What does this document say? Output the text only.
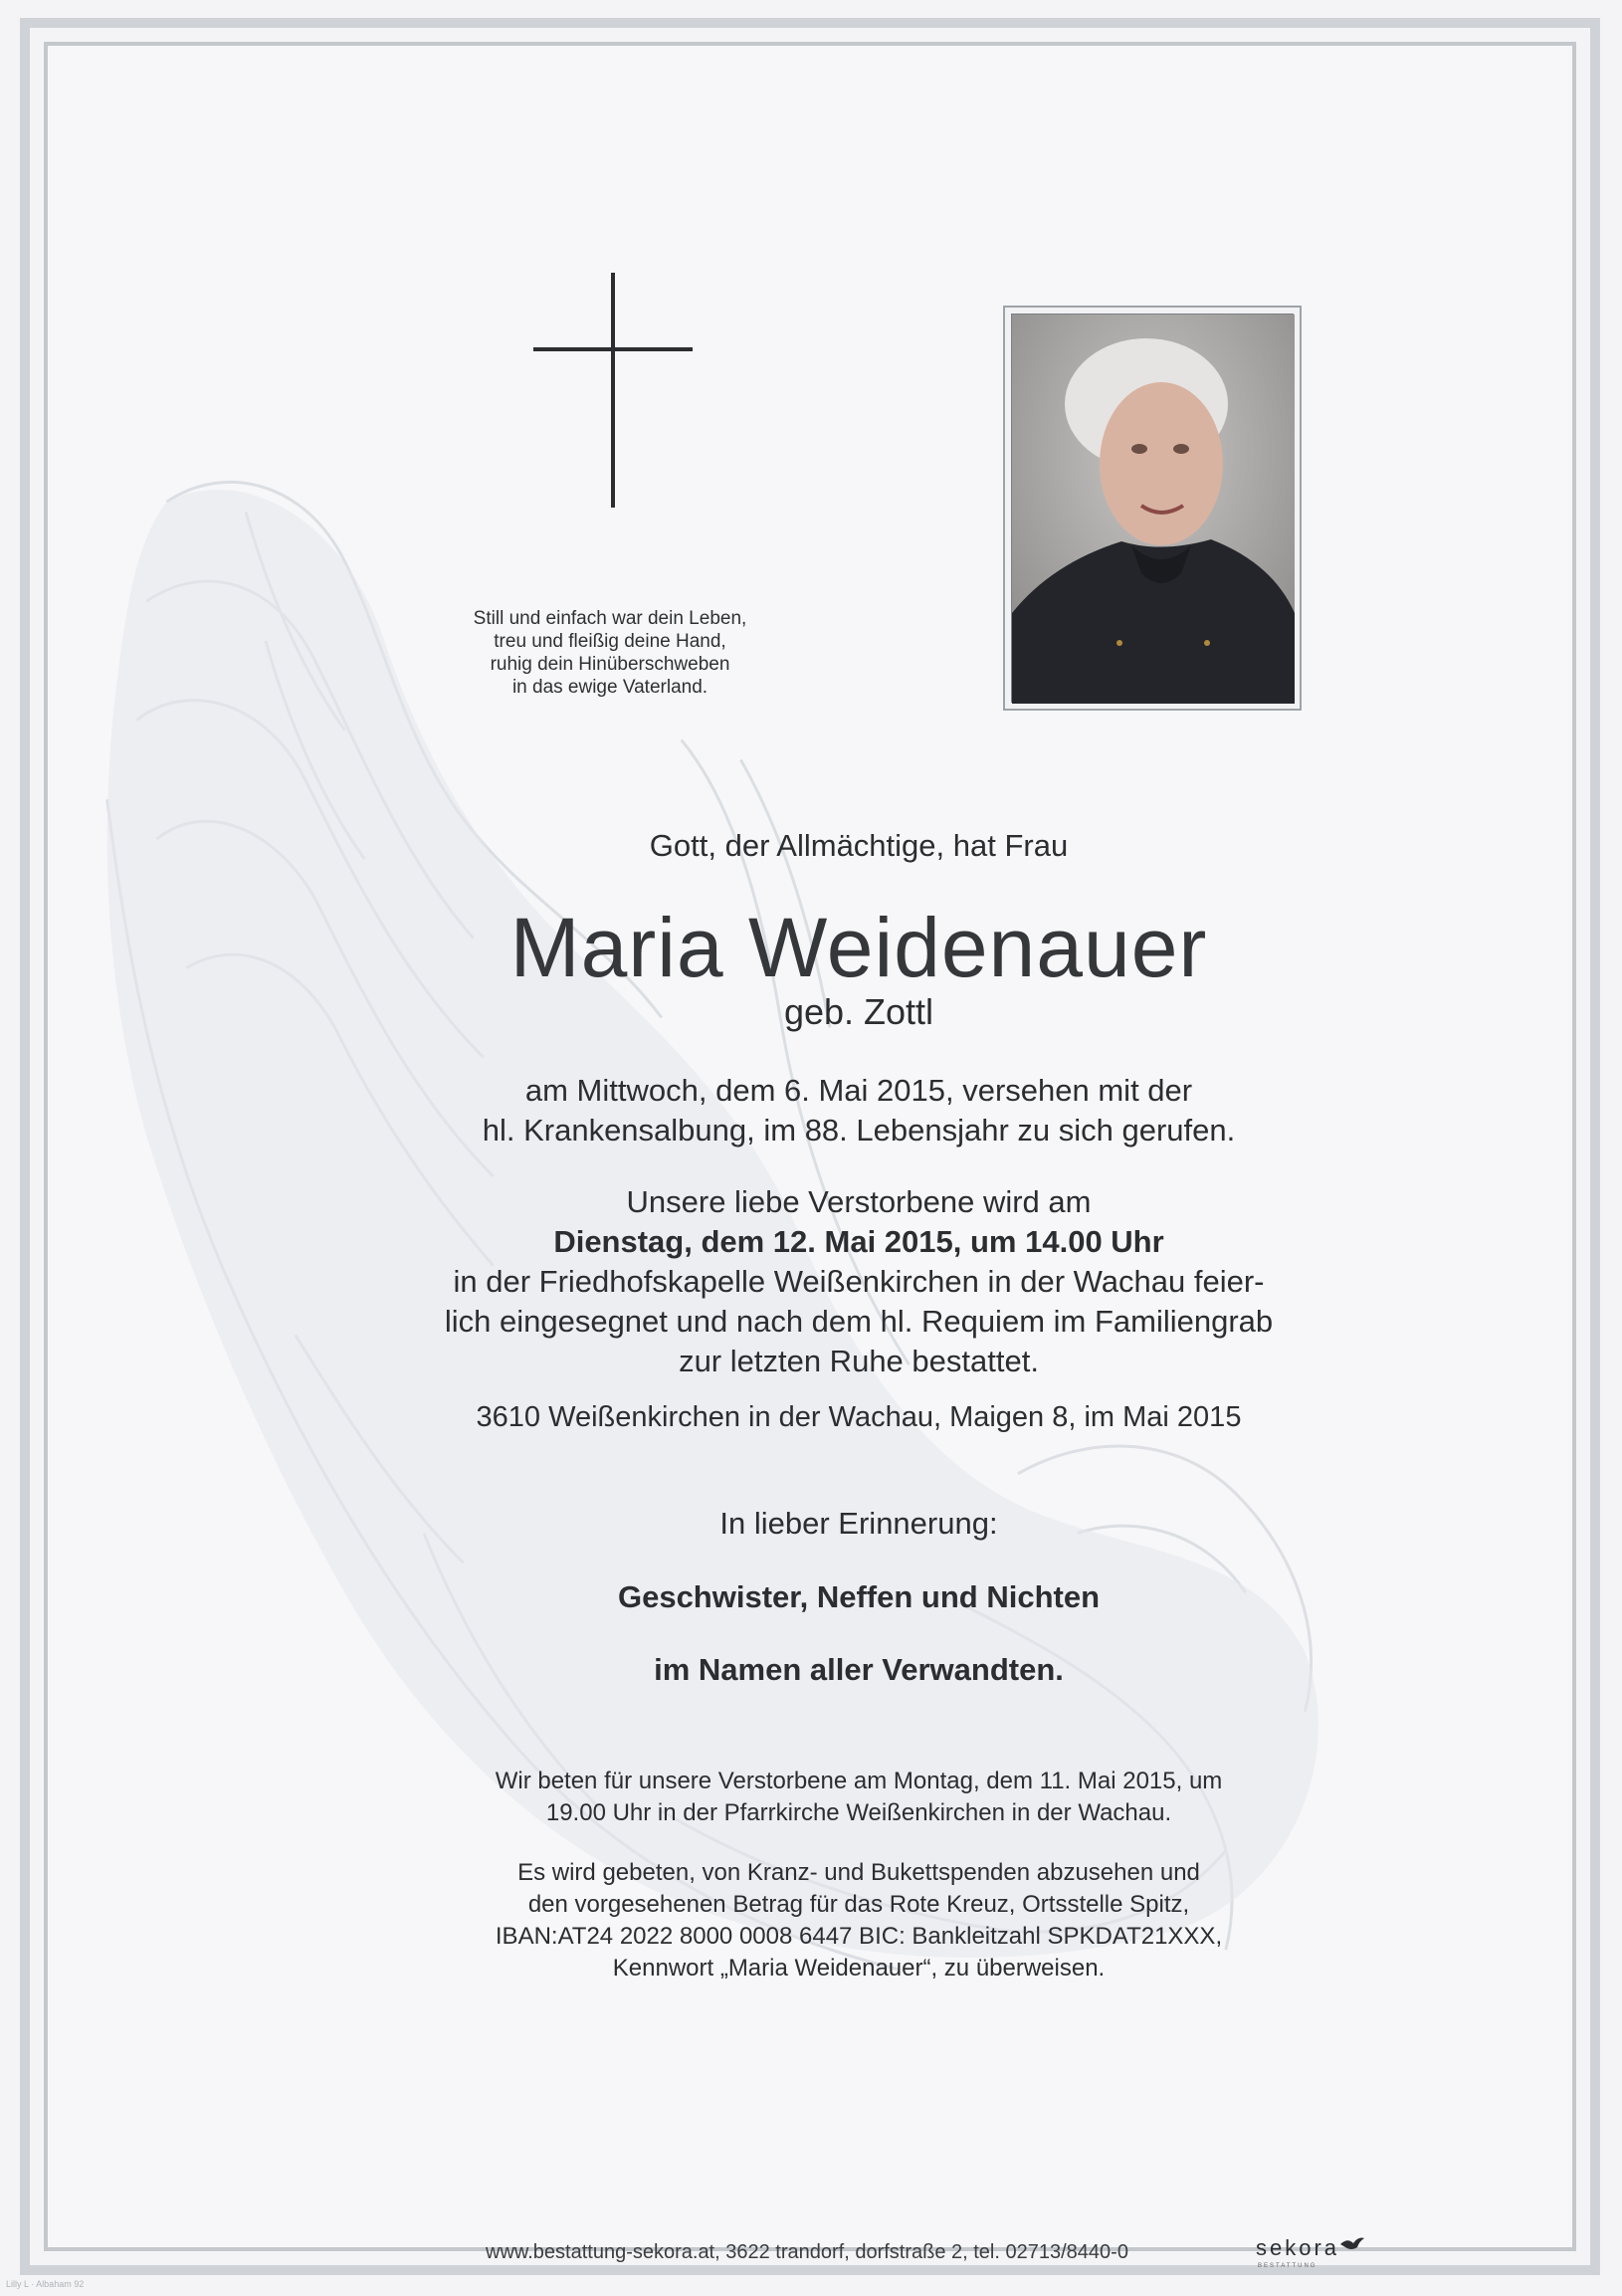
Still und einfach war dein Leben,
treu und fleißig deine Hand,
ruhig dein Hinüberschweben
in das ewige Vaterland.
Gott, der Allmächtige, hat Frau
Maria Weidenauer
geb. Zottl
am Mittwoch, dem 6. Mai 2015, versehen mit der
hl. Krankensalbung, im 88. Lebensjahr zu sich gerufen.
Unsere liebe Verstorbene wird am
Dienstag, dem 12. Mai 2015, um 14.00 Uhr
in der Friedhofskapelle Weißenkirchen in der Wachau feier-
lich eingesegnet und nach dem hl. Requiem im Familiengrab
zur letzten Ruhe bestattet.
3610 Weißenkirchen in der Wachau, Maigen 8, im Mai 2015
In lieber Erinnerung:
Geschwister, Neffen und Nichten
im Namen aller Verwandten.
Wir beten für unsere Verstorbene am Montag, dem 11. Mai 2015, um
19.00 Uhr in der Pfarrkirche Weißenkirchen in der Wachau.
Es wird gebeten, von Kranz- und Bukettspenden abzusehen und
den vorgesehenen Betrag für das Rote Kreuz, Ortsstelle Spitz,
IBAN:AT24 2022 8000 0008 6447 BIC: Bankleitzahl SPKDAT21XXX,
Kennwort „Maria Weidenauer“, zu überweisen.
www.bestattung-sekora.at, 3622 trandorf, dorfstraße 2, tel. 02713/8440-0	sekora
BESTATTUNG
Lilly L · Albaham 92
